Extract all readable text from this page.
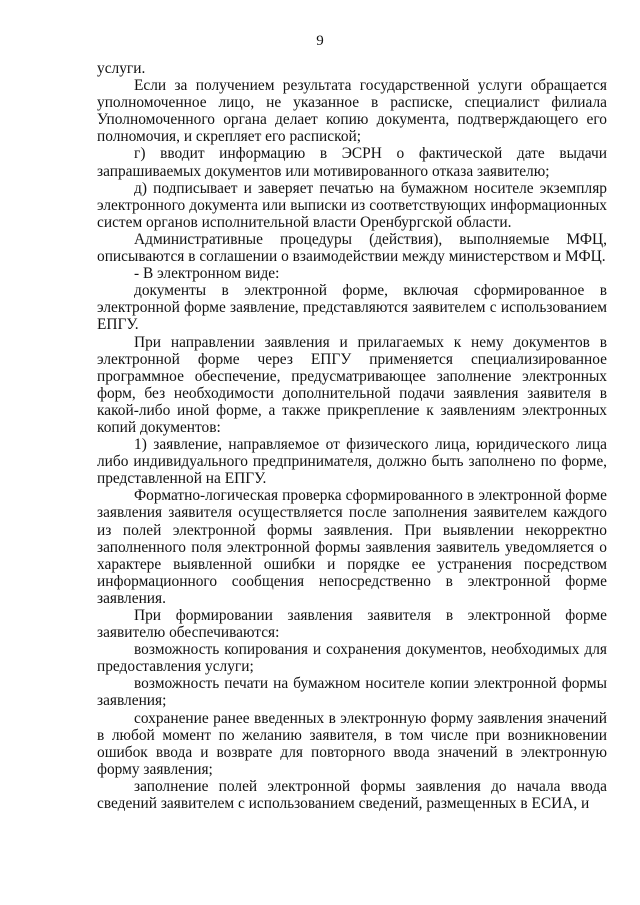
9

услуги.

Если за получением результата государственной услуги обращается уполномоченное лицо, не указанное в расписке, специалист филиала Уполномоченного органа делает копию документа, подтверждающего его полномочия, и скрепляет его распиской;

г) вводит информацию в ЭСРН о фактической дате выдачи запрашиваемых документов или мотивированного отказа заявителю;

д) подписывает и заверяет печатью на бумажном носителе экземпляр электронного документа или выписки из соответствующих информационных систем органов исполнительной власти Оренбургской области.

Административные процедуры (действия), выполняемые МФЦ, описываются в соглашении о взаимодействии между министерством и МФЦ.

- В электронном виде:

документы в электронной форме, включая сформированное в электронной форме заявление, представляются заявителем с использованием ЕПГУ.

При направлении заявления и прилагаемых к нему документов в электронной форме через ЕПГУ применяется специализированное программное обеспечение, предусматривающее заполнение электронных форм, без необходимости дополнительной подачи заявления заявителя в какой-либо иной форме, а также прикрепление к заявлениям электронных копий документов:

1) заявление, направляемое от физического лица, юридического лица либо индивидуального предпринимателя, должно быть заполнено по форме, представленной на ЕПГУ.

Форматно-логическая проверка сформированного в электронной форме заявления заявителя осуществляется после заполнения заявителем каждого из полей электронной формы заявления. При выявлении некорректно заполненного поля электронной формы заявления заявитель уведомляется о характере выявленной ошибки и порядке ее устранения посредством информационного сообщения непосредственно в электронной форме заявления.

При формировании заявления заявителя в электронной форме заявителю обеспечиваются:

возможность копирования и сохранения документов, необходимых для предоставления услуги;

возможность печати на бумажном носителе копии электронной формы заявления;

сохранение ранее введенных в электронную форму заявления значений в любой момент по желанию заявителя, в том числе при возникновении ошибок ввода и возврате для повторного ввода значений в электронную форму заявления;

заполнение полей электронной формы заявления до начала ввода сведений заявителем с использованием сведений, размещенных в ЕСИА, и
